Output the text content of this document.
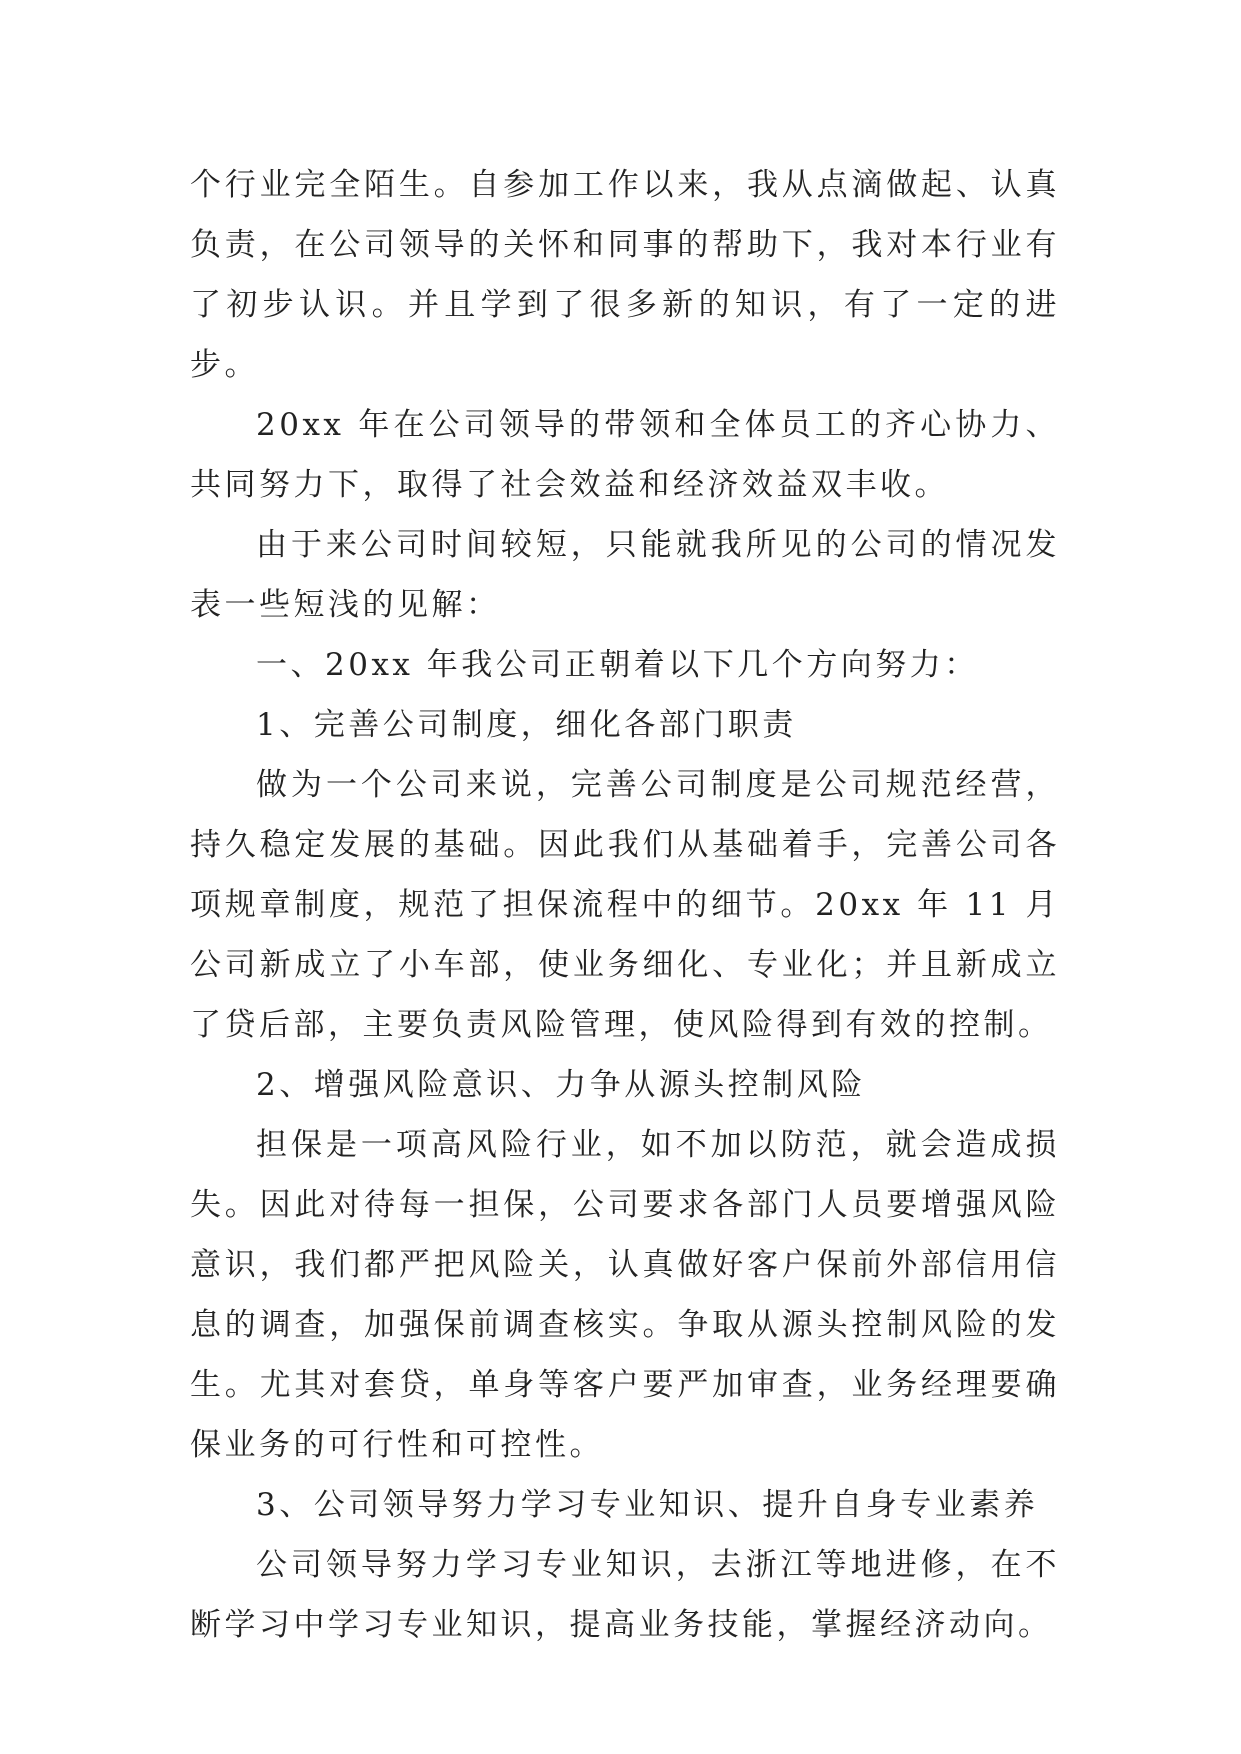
个行业完全陌生。自参加工作以来，我从点滴做起、认真负责，在公司领导的关怀和同事的帮助下，我对本行业有了初步认识。并且学到了很多新的知识，有了一定的进步。

20xx 年在公司领导的带领和全体员工的齐心协力、共同努力下，取得了社会效益和经济效益双丰收。

由于来公司时间较短，只能就我所见的公司的情况发表一些短浅的见解：

一、20xx 年我公司正朝着以下几个方向努力：

1、完善公司制度，细化各部门职责

做为一个公司来说，完善公司制度是公司规范经营，持久稳定发展的基础。因此我们从基础着手，完善公司各项规章制度，规范了担保流程中的细节。20xx 年 11 月公司新成立了小车部，使业务细化、专业化；并且新成立了贷后部，主要负责风险管理，使风险得到有效的控制。

2、增强风险意识、力争从源头控制风险

担保是一项高风险行业，如不加以防范，就会造成损失。因此对待每一担保，公司要求各部门人员要增强风险意识，我们都严把风险关，认真做好客户保前外部信用信息的调查，加强保前调查核实。争取从源头控制风险的发生。尤其对套贷，单身等客户要严加审查，业务经理要确保业务的可行性和可控性。

3、公司领导努力学习专业知识、提升自身专业素养

公司领导努力学习专业知识，去浙江等地进修，在不断学习中学习专业知识，提高业务技能，掌握经济动向。
